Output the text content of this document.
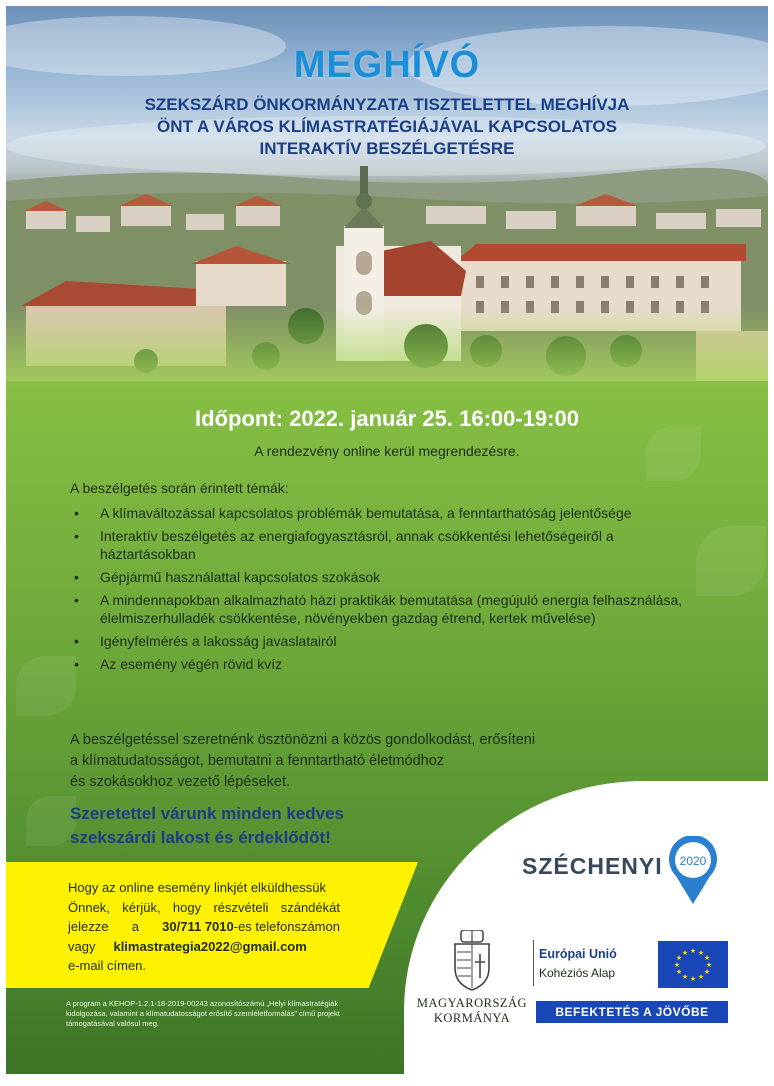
MEGHÍVÓ
SZEKSZÁRD ÖNKORMÁNYZATA TISZTELETTEL MEGHÍVJA
ÖNT A VÁROS KLÍMASTRATÉGIÁJÁVAL KAPCSOLATOS
INTERAKTÍV BESZÉLGETÉSRE
Időpont: 2022. január 25. 16:00-19:00
A rendezvény online kerül megrendezésre.
A beszélgetés során érintett témák:
• A klímaváltozással kapcsolatos problémák bemutatása, a fenntarthatóság jelentősége
• Interaktív beszélgetés az energiafogyasztásról, annak csökkentési lehetőségeiről a háztartásokban
• Gépjármű használattal kapcsolatos szokások
• A mindennapokban alkalmazható házi praktikák bemutatása (megújuló energia felhasználása, élelmiszerhulladék csökkentése, növényekben gazdag étrend, kertek művelése)
• Igényfelmérés a lakosság javaslatairól
• Az esemény végén rövid kvíz
A beszélgetéssel szeretnénk ösztönözni a közös gondolkodást, erősíteni
a klímatudatosságot, bemutatni a fenntartható életmódhoz
és szokásokhoz vezető lépéseket.
Szeretettel várunk minden kedves
szekszárdi lakost és érdeklődőt!
Hogy az online esemény linkjét elküldhessük
Önnek, kérjük, hogy részvételi szándékát
jelezze a 30/711 7010-es telefonszámon
vagy klimastrategia2022@gmail.com
e-mail címen.
A program a KEHOP-1.2.1-18-2019-00243 azonosítószámú „Helyi klímastratégiák kidolgozása, valamint a klímatudatosságot erősítő szemléletformálás” című projekt támogatásával valósul meg.
SZÉCHENYI 2020
MAGYARORSZÁG
KORMÁNYA
Európai Unió
Kohéziós Alap
★ ★
★
★
★
★
★
★
★
★
★
★
BEFEKTETÉS A JÖVŐBE
